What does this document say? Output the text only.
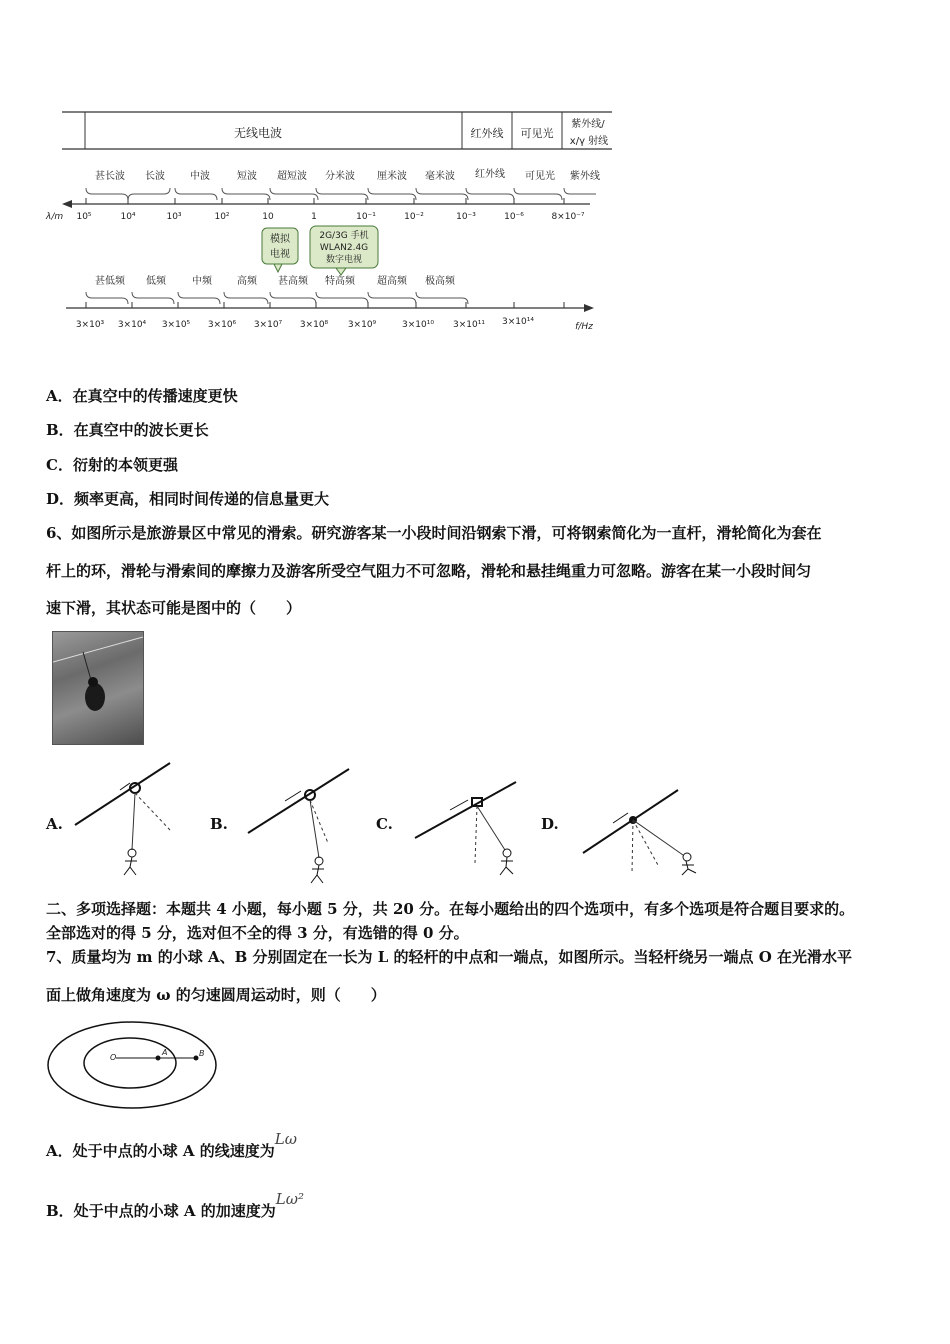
无线电波	红外线 可见光
紫外线/
x/γ 射线
甚长波 长波	中波	短波 超短波 分米波 厘米波 毫米波 红外线 可见光 紫外线
λ/m 10⁵	10⁴	10³	10²	10	1	10⁻¹	10⁻²	10⁻³	10⁻⁶	8×10⁻⁷
模拟
电视
2G/3G 手机
WLAN2.4G
数字电视
甚低频 低频	中频	高频 甚高频 特高频 超高频 极高频
3×10³ 3×10⁴ 3×10⁵ 3×10⁶ 3×10⁷ 3×10⁸ 3×10⁹	3×10¹⁰ 3×10¹¹ 3×10¹⁴	f/Hz
A．在真空中的传播速度更快
B．在真空中的波长更长
C．衍射的本领更强
D．频率更高，相同时间传递的信息量更大
6、如图所示是旅游景区中常见的滑索。研究游客某一小段时间沿钢索下滑，可将钢索简化为一直杆，滑轮简化为套在
杆上的环，滑轮与滑索间的摩擦力及游客所受空气阻力不可忽略，滑轮和悬挂绳重力可忽略。游客在某一小段时间匀
速下滑，其状态可能是图中的（　　）
A.	B.	C.	D.
二、多项选择题：本题共 4 小题，每小题 5 分，共 20 分。在每小题给出的四个选项中，有多个选项是符合题目要求的。
全部选对的得 5 分，选对但不全的得 3 分，有选错的得 0 分。
7、质量均为 m 的小球 A、B 分别固定在一长为 L 的轻杆的中点和一端点，如图所示。当轻杆绕另一端点 O 在光滑水平
面上做角速度为 ω 的匀速圆周运动时，则（　　）
O
A	B
A．处于中点的小球 A 的线速度为Lω
B．处于中点的小球 A 的加速度为Lω²
